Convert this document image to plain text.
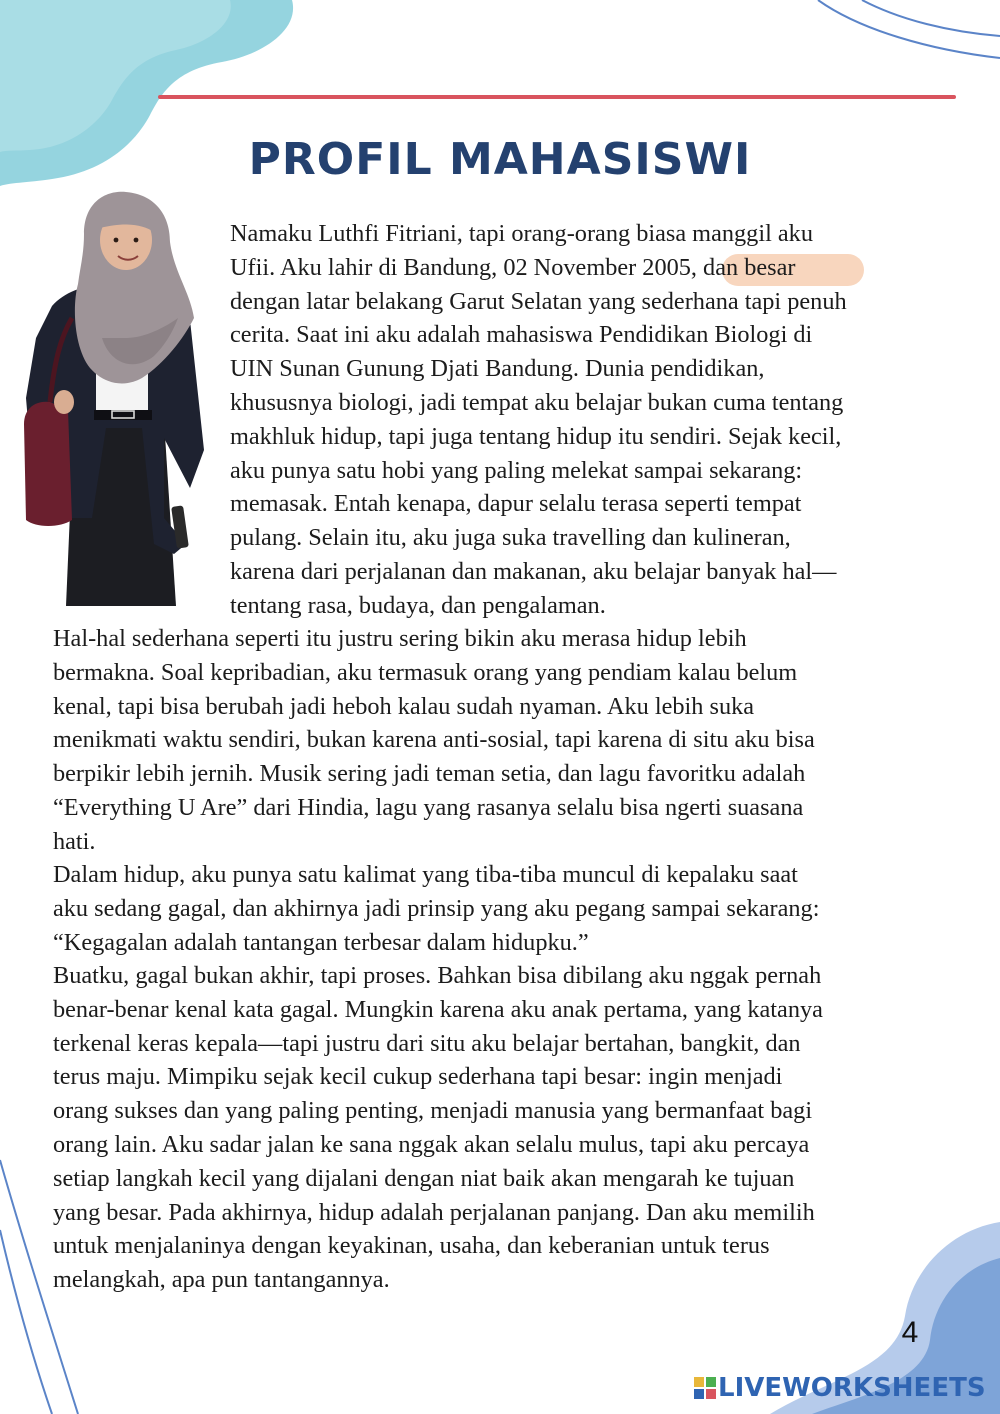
PROFIL MAHASISWI

Namaku Luthfi Fitriani, tapi orang-orang biasa manggil aku
Ufii. Aku lahir di Bandung, 02 November 2005, dan besar
dengan latar belakang Garut Selatan yang sederhana tapi penuh
cerita. Saat ini aku adalah mahasiswa Pendidikan Biologi di
UIN Sunan Gunung Djati Bandung. Dunia pendidikan,
khususnya biologi, jadi tempat aku belajar bukan cuma tentang
makhluk hidup, tapi juga tentang hidup itu sendiri. Sejak kecil,
aku punya satu hobi yang paling melekat sampai sekarang:
memasak. Entah kenapa, dapur selalu terasa seperti tempat
pulang. Selain itu, aku juga suka travelling dan kulineran,
karena dari perjalanan dan makanan, aku belajar banyak hal—
tentang rasa, budaya, dan pengalaman.

Hal-hal sederhana seperti itu justru sering bikin aku merasa hidup lebih
bermakna. Soal kepribadian, aku termasuk orang yang pendiam kalau belum
kenal, tapi bisa berubah jadi heboh kalau sudah nyaman. Aku lebih suka
menikmati waktu sendiri, bukan karena anti-sosial, tapi karena di situ aku bisa
berpikir lebih jernih. Musik sering jadi teman setia, dan lagu favoritku adalah
“Everything U Are” dari Hindia, lagu yang rasanya selalu bisa ngerti suasana
hati.

Dalam hidup, aku punya satu kalimat yang tiba-tiba muncul di kepalaku saat
aku sedang gagal, dan akhirnya jadi prinsip yang aku pegang sampai sekarang:
“Kegagalan adalah tantangan terbesar dalam hidupku.”

Buatku, gagal bukan akhir, tapi proses. Bahkan bisa dibilang aku nggak pernah
benar-benar kenal kata gagal. Mungkin karena aku anak pertama, yang katanya
terkenal keras kepala—tapi justru dari situ aku belajar bertahan, bangkit, dan
terus maju. Mimpiku sejak kecil cukup sederhana tapi besar: ingin menjadi
orang sukses dan yang paling penting, menjadi manusia yang bermanfaat bagi
orang lain. Aku sadar jalan ke sana nggak akan selalu mulus, tapi aku percaya
setiap langkah kecil yang dijalani dengan niat baik akan mengarah ke tujuan
yang besar. Pada akhirnya, hidup adalah perjalanan panjang. Dan aku memilih
untuk menjalaninya dengan keyakinan, usaha, dan keberanian untuk terus
melangkah, apa pun tantangannya.

4
LIVEWORKSHEETS
